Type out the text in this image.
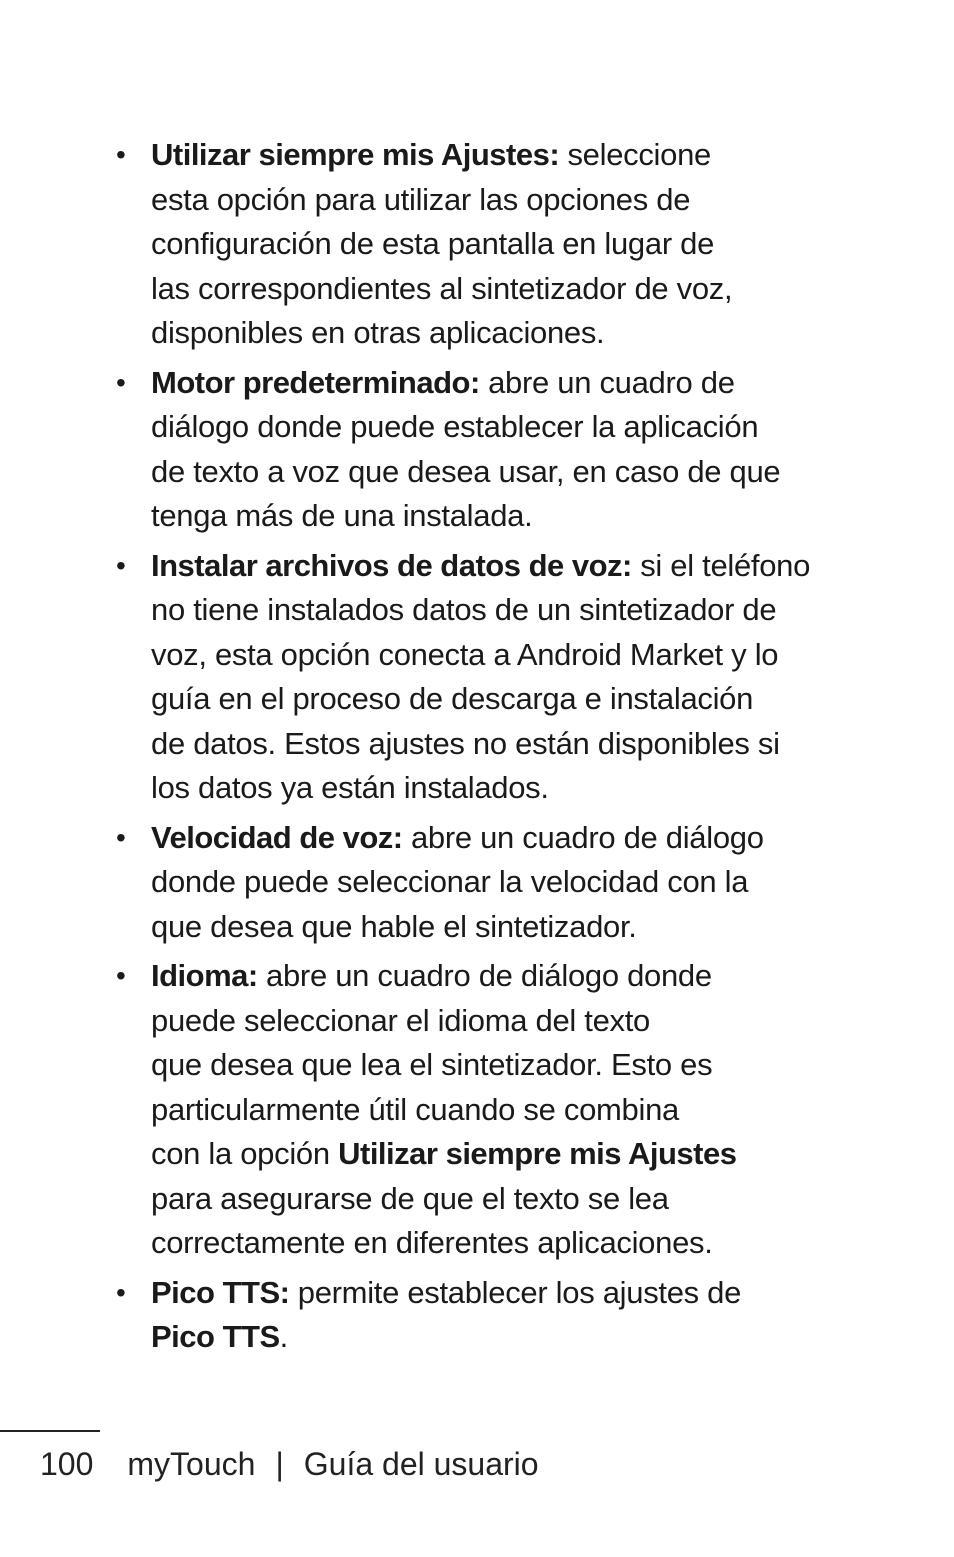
• Utilizar siempre mis Ajustes: seleccione
esta opción para utilizar las opciones de
configuración de esta pantalla en lugar de
las correspondientes al sintetizador de voz,
disponibles en otras aplicaciones.
• Motor predeterminado: abre un cuadro de
diálogo donde puede establecer la aplicación
de texto a voz que desea usar, en caso de que
tenga más de una instalada.
• Instalar archivos de datos de voz: si el teléfono
no tiene instalados datos de un sintetizador de
voz, esta opción conecta a Android Market y lo
guía en el proceso de descarga e instalación
de datos. Estos ajustes no están disponibles si
los datos ya están instalados.
• Velocidad de voz: abre un cuadro de diálogo
donde puede seleccionar la velocidad con la
que desea que hable el sintetizador.
• Idioma: abre un cuadro de diálogo donde
puede seleccionar el idioma del texto
que desea que lea el sintetizador. Esto es
particularmente útil cuando se combina
con la opción Utilizar siempre mis Ajustes
para asegurarse de que el texto se lea
correctamente en diferentes aplicaciones.
• Pico TTS: permite establecer los ajustes de
Pico TTS.
100 myTouch | Guía del usuario
